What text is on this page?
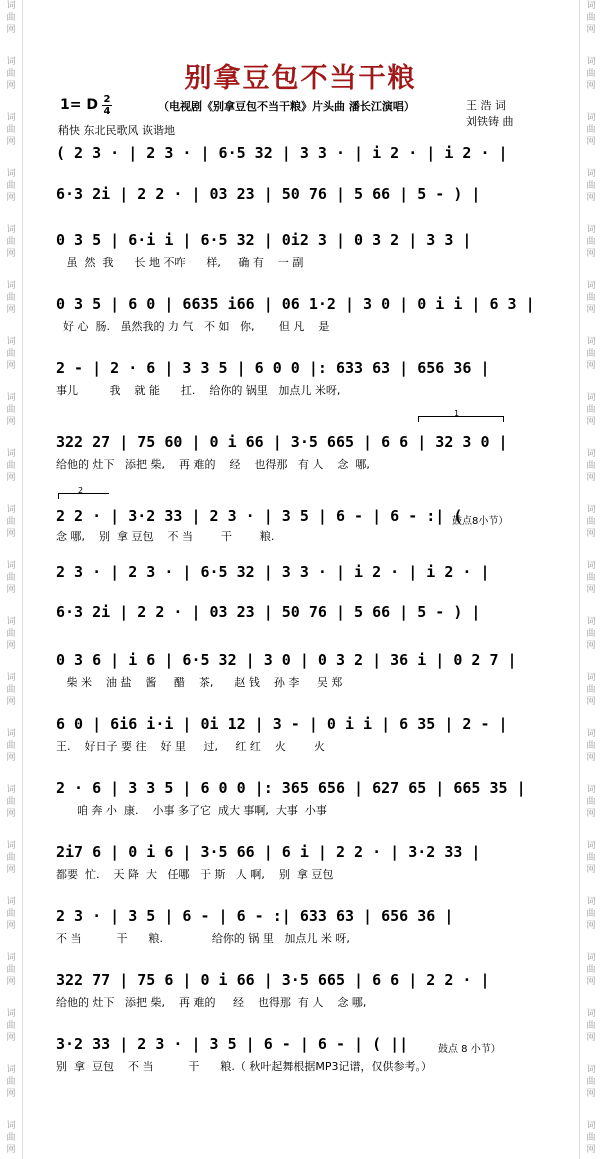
词
曲
网
词
曲
网
词
曲
网
词
曲
网
词
曲
网
词
曲
网
词
曲
网
词
曲
网
词
曲
网
词
曲
网
词
曲
网
词
曲
网
词
曲
网
词
曲
网
词
曲
网
词
曲
网
词
曲
网
词
曲
网
词
曲
网
词
曲
网
词
曲
网
词
曲
网
词
曲
网
词
曲
网
词
曲
网
词
曲
网
词
曲
网
词
曲
网
词
曲
网
词
曲
网
词
曲
网
词
曲
网
词
曲
网
词
曲
网
词
曲
网
词
曲
网
词
曲
网
词
曲
网
词
曲
网
词
曲
网
词
曲
网
词
曲
网
别拿豆包不当干粮
1= D $\frac{2}{4}$	（电视剧《别拿豆包不当干粮》片头曲 潘长江演唱）	王 浩 词
刘铁铸 曲
稍快 东北民歌风 诙谐地
( 2 3 · | 2 3 · | 6·5 32 | 3 3 · | i 2 · | i 2 · |
6·3 2i | 2 2 · | 03 23 | 50 76 | 5 66 | 5 - ) |
0 3 5 | 6·i i | 6·5 32 | 0i2 3 | 0 3 2 | 3 3 |
虽  然  我      长 地 不咋      样,     确 有    一 副
0 3 5 | 6 0 | 6635 i66 | 06 1·2 | 3 0 | 0 i i | 6 3 |
好 心  肠.   虽然我的 力 气   不 如   你,       但 凡    是
2 - | 2 · 6 | 3 3 5 | 6 0 0 |: 633 63 | 656 36 |
事儿         我    就 能      扛.    给你的 锅里   加点儿 米呀,
1
322 27 | 75 60 | 0 i 66 | 3·5 665 | 6 6 | 32 3 0 |
给他的 灶下   添把 柴,    再 难的    经    也得那   有 人    念  哪,
2
2 2 · | 3·2 33 | 2 3 · | 3 5 | 6 - | 6 - :| (
鼓点8小节）
念 哪,    别  拿 豆包    不 当        干        粮.
2 3 · | 2 3 · | 6·5 32 | 3 3 · | i 2 · | i 2 · |
6·3 2i | 2 2 · | 03 23 | 50 76 | 5 66 | 5 - ) |
0 3 6 | i 6 | 6·5 32 | 3 0 | 0 3 2 | 36 i | 0 2 7 |
柴 米    油 盐    酱     醋    茶,      赵 钱    孙 李     吴 郑
6 0 | 6i6 i·i | 0i 12 | 3 - | 0 i i | 6 35 | 2 - |
王.    好日子 要 往    好 里     过,     红 红    火        火
2 · 6 | 3 3 5 | 6 0 0 |: 365 656 | 627 65 | 665 35 |
咱 奔 小  康.    小事 多了它  成大 事啊,  大事  小事
2i7 6 | 0 i 6 | 3·5 66 | 6 i | 2 2 · | 3·2 33 |
都要  忙.    天 降  大   任哪   于 斯   人 啊,    别  拿 豆包
2 3 · | 3 5 | 6 - | 6 - :| 633 63 | 656 36 |
不 当          干      粮.              给你的 锅 里   加点儿 米 呀,
322 77 | 75 6 | 0 i 66 | 3·5 665 | 6 6 | 2 2 · |
给他的 灶下   添把 柴,    再 难的     经    也得那  有 人    念 哪,
3·2 33 | 2 3 · | 3 5 | 6 - | 6 - | ( ||	鼓点 8 小节）
别  拿  豆包    不 当          干      粮.（ 秋叶起舞根据MP3记谱，仅供参考。）
